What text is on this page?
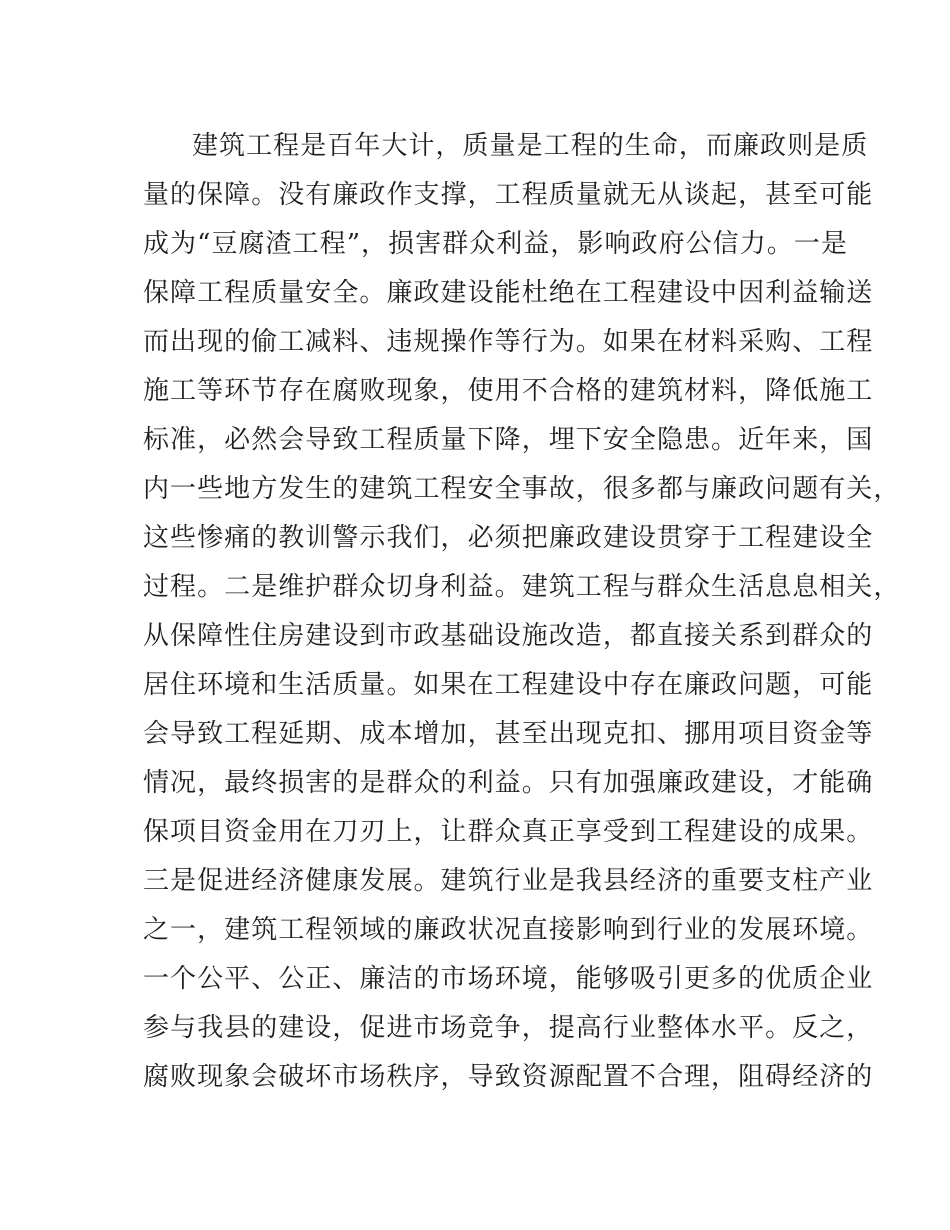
建筑工程是百年大计，质量是工程的生命，而廉政则是质
量的保障。没有廉政作支撑，工程质量就无从谈起，甚至可能
成为“豆腐渣工程”，损害群众利益，影响政府公信力。一是
保障工程质量安全。廉政建设能杜绝在工程建设中因利益输送
而出现的偷工减料、违规操作等行为。如果在材料采购、工程
施工等环节存在腐败现象，使用不合格的建筑材料，降低施工
标准，必然会导致工程质量下降，埋下安全隐患。近年来，国
内一些地方发生的建筑工程安全事故，很多都与廉政问题有关，
这些惨痛的教训警示我们，必须把廉政建设贯穿于工程建设全
过程。二是维护群众切身利益。建筑工程与群众生活息息相关，
从保障性住房建设到市政基础设施改造，都直接关系到群众的
居住环境和生活质量。如果在工程建设中存在廉政问题，可能
会导致工程延期、成本增加，甚至出现克扣、挪用项目资金等
情况，最终损害的是群众的利益。只有加强廉政建设，才能确
保项目资金用在刀刃上，让群众真正享受到工程建设的成果。
三是促进经济健康发展。建筑行业是我县经济的重要支柱产业
之一，建筑工程领域的廉政状况直接影响到行业的发展环境。
一个公平、公正、廉洁的市场环境，能够吸引更多的优质企业
参与我县的建设，促进市场竞争，提高行业整体水平。反之，
腐败现象会破坏市场秩序，导致资源配置不合理，阻碍经济的
